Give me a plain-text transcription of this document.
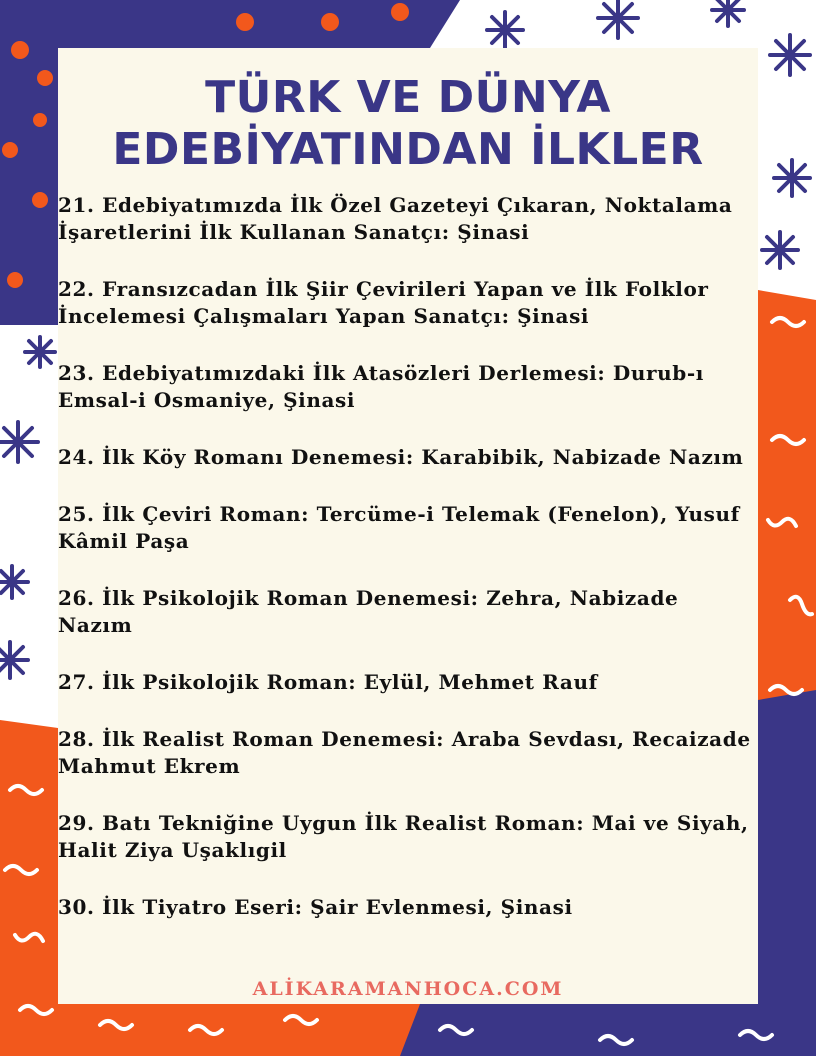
TÜRK VE DÜNYA
EDEBİYATINDAN İLKLER
21. Edebiyatımızda İlk Özel Gazeteyi Çıkaran, Noktalama İşaretlerini İlk Kullanan Sanatçı: Şinasi
22. Fransızcadan İlk Şiir Çevirileri Yapan ve İlk Folklor İncelemesi Çalışmaları Yapan Sanatçı: Şinasi
23. Edebiyatımızdaki İlk Atasözleri Derlemesi: Durub-ı Emsal-i Osmaniye, Şinasi
24. İlk Köy Romanı Denemesi: Karabibik, Nabizade Nazım
25. İlk Çeviri Roman: Tercüme-i Telemak (Fenelon), Yusuf Kâmil Paşa
26. İlk Psikolojik Roman Denemesi: Zehra, Nabizade Nazım
27. İlk Psikolojik Roman: Eylül, Mehmet Rauf
28. İlk Realist Roman Denemesi: Araba Sevdası, Recaizade Mahmut Ekrem
29. Batı Tekniğine Uygun İlk Realist Roman: Mai ve Siyah, Halit Ziya Uşaklıgil
30. İlk Tiyatro Eseri: Şair Evlenmesi, Şinasi
ALİKARAMANHOCA.COM
